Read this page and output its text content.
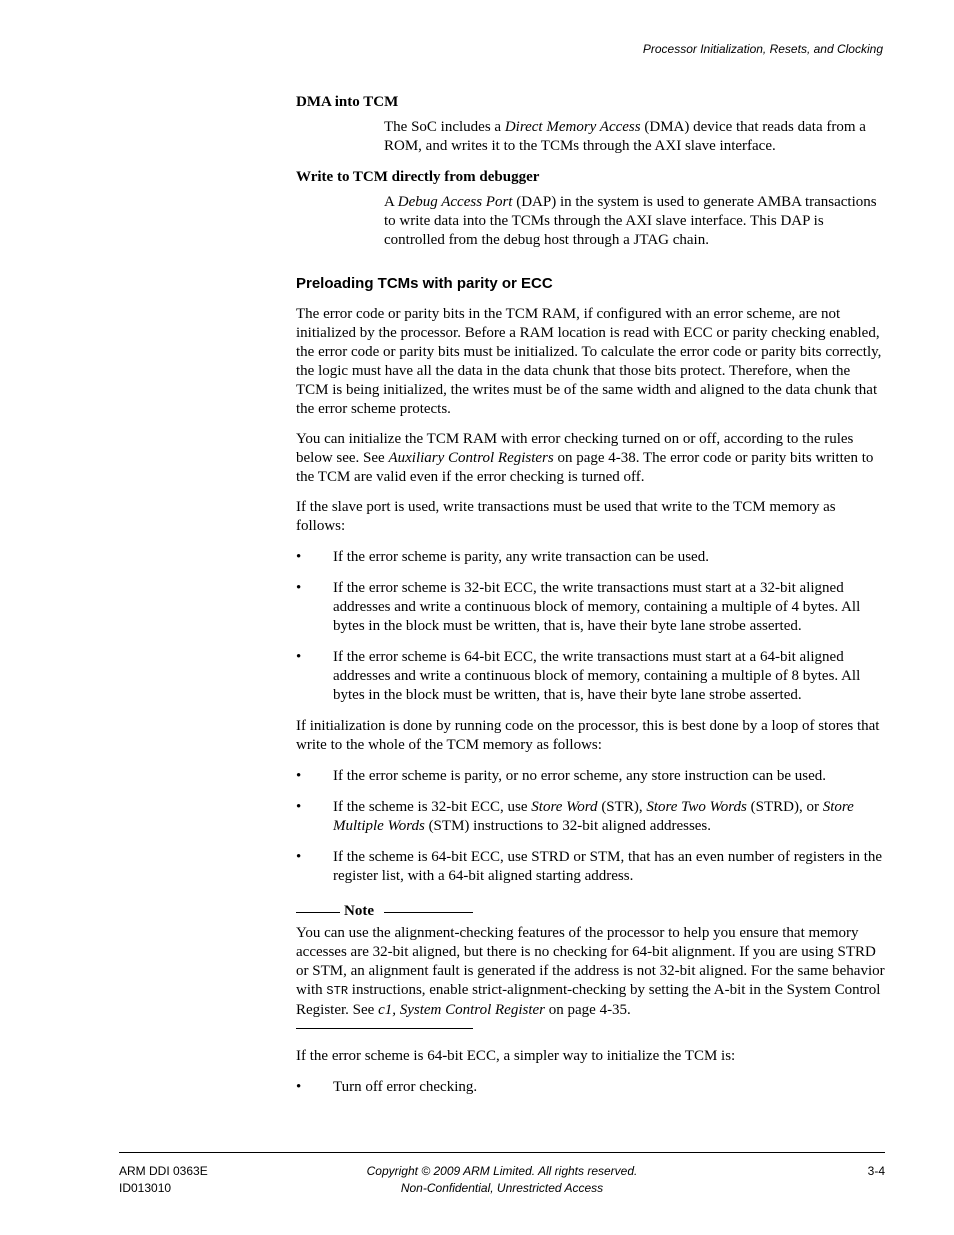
Processor Initialization, Resets, and Clocking
DMA into TCM
The SoC includes a Direct Memory Access (DMA) device that reads data from a ROM, and writes it to the TCMs through the AXI slave interface.
Write to TCM directly from debugger
A Debug Access Port (DAP) in the system is used to generate AMBA transactions to write data into the TCMs through the AXI slave interface. This DAP is controlled from the debug host through a JTAG chain.
Preloading TCMs with parity or ECC
The error code or parity bits in the TCM RAM, if configured with an error scheme, are not initialized by the processor. Before a RAM location is read with ECC or parity checking enabled, the error code or parity bits must be initialized. To calculate the error code or parity bits correctly, the logic must have all the data in the data chunk that those bits protect. Therefore, when the TCM is being initialized, the writes must be of the same width and aligned to the data chunk that the error scheme protects.
You can initialize the TCM RAM with error checking turned on or off, according to the rules below see. See Auxiliary Control Registers on page 4-38. The error code or parity bits written to the TCM are valid even if the error checking is turned off.
If the slave port is used, write transactions must be used that write to the TCM memory as follows:
• If the error scheme is parity, any write transaction can be used.
• If the error scheme is 32-bit ECC, the write transactions must start at a 32-bit aligned addresses and write a continuous block of memory, containing a multiple of 4 bytes. All bytes in the block must be written, that is, have their byte lane strobe asserted.
• If the error scheme is 64-bit ECC, the write transactions must start at a 64-bit aligned addresses and write a continuous block of memory, containing a multiple of 8 bytes. All bytes in the block must be written, that is, have their byte lane strobe asserted.
If initialization is done by running code on the processor, this is best done by a loop of stores that write to the whole of the TCM memory as follows:
• If the error scheme is parity, or no error scheme, any store instruction can be used.
• If the scheme is 32-bit ECC, use Store Word (STR), Store Two Words (STRD), or Store Multiple Words (STM) instructions to 32-bit aligned addresses.
• If the scheme is 64-bit ECC, use STRD or STM, that has an even number of registers in the register list, with a 64-bit aligned starting address.
Note
You can use the alignment-checking features of the processor to help you ensure that memory accesses are 32-bit aligned, but there is no checking for 64-bit alignment. If you are using STRD or STM, an alignment fault is generated if the address is not 32-bit aligned. For the same behavior with STR instructions, enable strict-alignment-checking by setting the A-bit in the System Control Register. See c1, System Control Register on page 4-35.
If the error scheme is 64-bit ECC, a simpler way to initialize the TCM is:
• Turn off error checking.
ARM DDI 0363E
ID013010
Copyright © 2009 ARM Limited. All rights reserved.
Non-Confidential, Unrestricted Access
3-4
